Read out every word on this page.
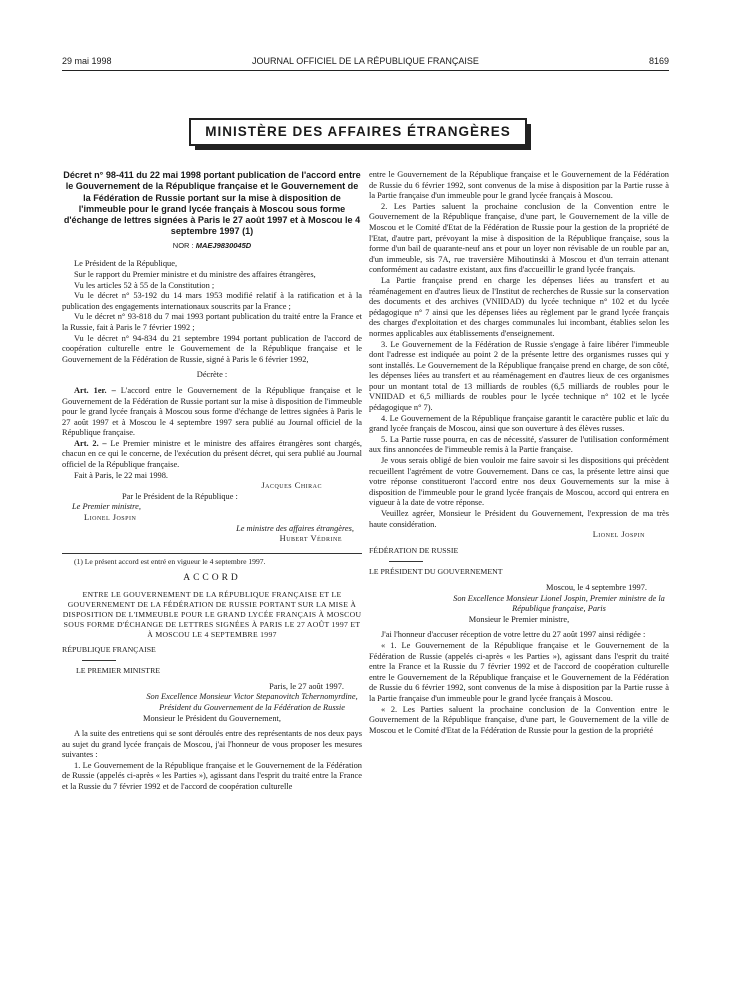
29 mai 1998	JOURNAL OFFICIEL DE LA RÉPUBLIQUE FRANÇAISE	8169
MINISTÈRE DES AFFAIRES ÉTRANGÈRES

Décret n° 98-411 du 22 mai 1998 portant publication de l'accord entre le Gouvernement de la République française et le Gouvernement de la Fédération de Russie portant sur la mise à disposition de l'immeuble pour le grand lycée français à Moscou sous forme d'échange de lettres signées à Paris le 27 août 1997 et à Moscou le 4 septembre 1997 (1)

NOR : MAEJ9830045D

Le Président de la République,

Sur le rapport du Premier ministre et du ministre des affaires étrangères,

Vu les articles 52 à 55 de la Constitution ;

Vu le décret n° 53-192 du 14 mars 1953 modifié relatif à la ratification et à la publication des engagements internationaux souscrits par la France ;

Vu le décret n° 93-818 du 7 mai 1993 portant publication du traité entre la France et la Russie, fait à Paris le 7 février 1992 ;

Vu le décret n° 94-834 du 21 septembre 1994 portant publication de l'accord de coopération culturelle entre le Gouvernement de la République française et le Gouvernement de la Fédération de Russie, signé à Paris le 6 février 1992,

Décrète :

Art. 1er. – L'accord entre le Gouvernement de la République française et le Gouvernement de la Fédération de Russie portant sur la mise à disposition de l'immeuble pour le grand lycée français à Moscou sous forme d'échange de lettres signées à Paris le 27 août 1997 et à Moscou le 4 septembre 1997 sera publié au Journal officiel de la République française.

Art. 2. – Le Premier ministre et le ministre des affaires étrangères sont chargés, chacun en ce qui le concerne, de l'exécution du présent décret, qui sera publié au Journal officiel de la République française.

Fait à Paris, le 22 mai 1998.

Jacques Chirac

Par le Président de la République :

Le Premier ministre,

Lionel Jospin

Le ministre des affaires étrangères,

Hubert Védrine

(1) Le présent accord est entré en vigueur le 4 septembre 1997.

ACCORD

ENTRE LE GOUVERNEMENT DE LA RÉPUBLIQUE FRANÇAISE ET LE GOUVERNEMENT DE LA FÉDÉRATION DE RUSSIE PORTANT SUR LA MISE À DISPOSITION DE L'IMMEUBLE POUR LE GRAND LYCÉE FRANÇAIS À MOSCOU SOUS FORME D'ÉCHANGE DE LETTRES SIGNÉES À PARIS LE 27 AOÛT 1997 ET À MOSCOU LE 4 SEPTEMBRE 1997

RÉPUBLIQUE FRANÇAISE

LE PREMIER MINISTRE

Paris, le 27 août 1997.

Son Excellence Monsieur Victor Stepanovitch Tchernomyrdine, Président du Gouvernement de la Fédération de Russie

Monsieur le Président du Gouvernement,

A la suite des entretiens qui se sont déroulés entre des représentants de nos deux pays au sujet du grand lycée français de Moscou, j'ai l'honneur de vous proposer les mesures suivantes :

1. Le Gouvernement de la République française et le Gouvernement de la Fédération de Russie (appelés ci-après « les Parties »), agissant dans l'esprit du traité entre la France et la Russie du 7 février 1992 et de l'accord de coopération culturelle

entre le Gouvernement de la République française et le Gouvernement de la Fédération de Russie du 6 février 1992, sont convenus de la mise à disposition par la Partie russe à la Partie française d'un immeuble pour le grand lycée français à Moscou.

2. Les Parties saluent la prochaine conclusion de la Convention entre le Gouvernement de la République française, d'une part, le Gouvernement de la ville de Moscou et le Comité d'Etat de la Fédération de Russie pour la gestion de la propriété de l'Etat, d'autre part, prévoyant la mise à disposition de la République française, sous la forme d'un bail de quarante-neuf ans et pour un loyer non révisable de un rouble par an, d'un immeuble, sis 7A, rue traversière Mihoutinski à Moscou et d'un terrain attenant conformément au cadastre existant, aux fins d'accueillir le grand lycée français.

La Partie française prend en charge les dépenses liées au transfert et au réaménagement en d'autres lieux de l'Institut de recherches de Russie sur la conservation des documents et des archives (VNIIDAD) du lycée technique n° 102 et du lycée pédagogique n° 7 ainsi que les dépenses liées au règlement par le grand lycée français des charges d'exploitation et des charges communales lui incombant, établies selon les normes applicables aux établissements d'enseignement.

3. Le Gouvernement de la Fédération de Russie s'engage à faire libérer l'immeuble dont l'adresse est indiquée au point 2 de la présente lettre des organismes russes qui y sont installés. Le Gouvernement de la République française prend en charge, de son côté, les dépenses liées au transfert et au réaménagement en d'autres lieux de ces organismes pour un montant total de 13 milliards de roubles (6,5 milliards de roubles pour le VNIIDAD et 6,5 milliards de roubles pour le lycée technique n° 102 et le lycée pédagogique n° 7).

4. Le Gouvernement de la République française garantit le caractère public et laïc du grand lycée français de Moscou, ainsi que son ouverture à des élèves russes.

5. La Partie russe pourra, en cas de nécessité, s'assurer de l'utilisation conformément aux fins annoncées de l'immeuble remis à la Partie française.

Je vous serais obligé de bien vouloir me faire savoir si les dispositions qui précèdent recueillent l'agrément de votre Gouvernement. Dans ce cas, la présente lettre ainsi que votre réponse constitueront l'accord entre nos deux Gouvernements sur la mise à disposition de l'immeuble pour le grand lycée français de Moscou, accord qui entrera en vigueur à la date de votre réponse.

Veuillez agréer, Monsieur le Président du Gouvernement, l'expression de ma très haute considération.

Lionel Jospin

FÉDÉRATION DE RUSSIE

LE PRÉSIDENT DU GOUVERNEMENT

Moscou, le 4 septembre 1997.

Son Excellence Monsieur Lionel Jospin, Premier ministre de la République française, Paris

Monsieur le Premier ministre,

J'ai l'honneur d'accuser réception de votre lettre du 27 août 1997 ainsi rédigée :

« 1. Le Gouvernement de la République française et le Gouvernement de la Fédération de Russie (appelés ci-après « les Parties »), agissant dans l'esprit du traité entre la France et la Russie du 7 février 1992 et de l'accord de coopération culturelle entre le Gouvernement de la République française et le Gouvernement de la Fédération de Russie du 6 février 1992, sont convenus de la mise à disposition par la Partie russe à la Partie française d'un immeuble pour le grand lycée français à Moscou.

« 2. Les Parties saluent la prochaine conclusion de la Convention entre le Gouvernement de la République française, d'une part, le Gouvernement de la ville de Moscou et le Comité d'Etat de la Fédération de Russie pour la gestion de la propriété
